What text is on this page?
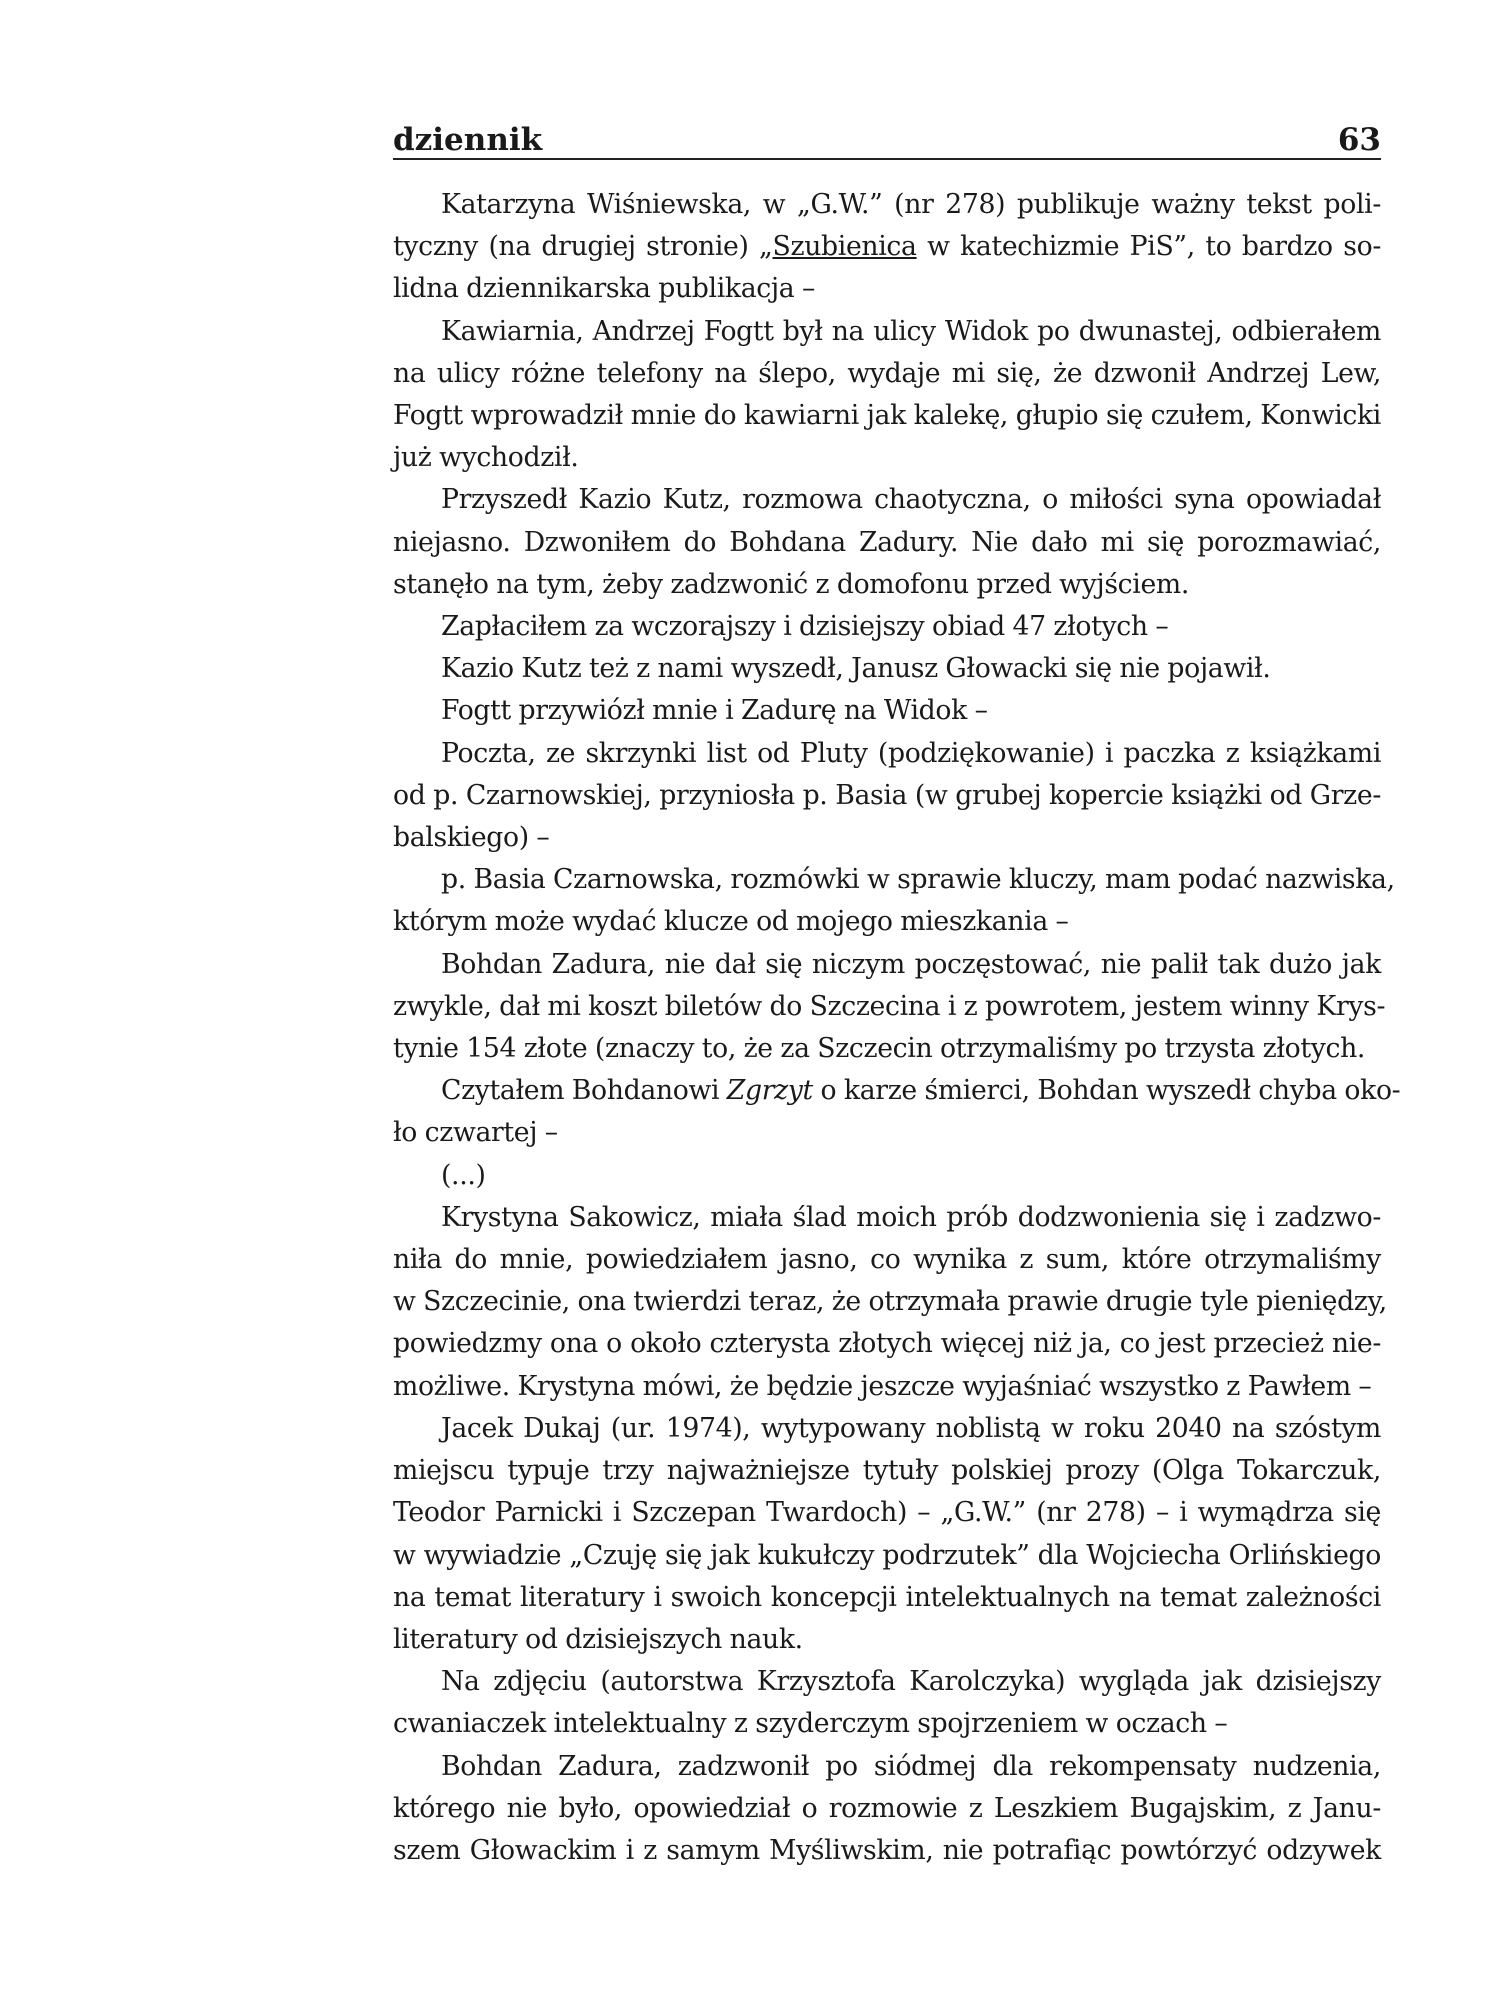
dziennik	63
Katarzyna Wiśniewska, w „G.W.” (nr 278) publikuje ważny tekst poli-
tyczny (na drugiej stronie) „Szubienica w katechizmie PiS”, to bardzo so-
lidna dziennikarska publikacja –
Kawiarnia, Andrzej Fogtt był na ulicy Widok po dwunastej, odbierałem
na ulicy różne telefony na ślepo, wydaje mi się, że dzwonił Andrzej Lew,
Fogtt wprowadził mnie do kawiarni jak kalekę, głupio się czułem, Konwicki
już wychodził.
Przyszedł Kazio Kutz, rozmowa chaotyczna, o miłości syna opowiadał
niejasno. Dzwoniłem do Bohdana Zadury. Nie dało mi się porozmawiać,
stanęło na tym, żeby zadzwonić z domofonu przed wyjściem.
Zapłaciłem za wczorajszy i dzisiejszy obiad 47 złotych –
Kazio Kutz też z nami wyszedł, Janusz Głowacki się nie pojawił.
Fogtt przywiózł mnie i Zadurę na Widok –
Poczta, ze skrzynki list od Pluty (podziękowanie) i paczka z książkami
od p. Czarnowskiej, przyniosła p. Basia (w grubej kopercie książki od Grze-
balskiego) –
p. Basia Czarnowska, rozmówki w sprawie kluczy, mam podać nazwiska,
którym może wydać klucze od mojego mieszkania –
Bohdan Zadura, nie dał się niczym poczęstować, nie palił tak dużo jak
zwykle, dał mi koszt biletów do Szczecina i z powrotem, jestem winny Krys-
tynie 154 złote (znaczy to, że za Szczecin otrzymaliśmy po trzysta złotych.
Czytałem Bohdanowi Zgrzyt o karze śmierci, Bohdan wyszedł chyba oko-
ło czwartej –
(...)
Krystyna Sakowicz, miała ślad moich prób dodzwonienia się i zadzwo-
niła do mnie, powiedziałem jasno, co wynika z sum, które otrzymaliśmy
w Szczecinie, ona twierdzi teraz, że otrzymała prawie drugie tyle pieniędzy,
powiedzmy ona o około czterysta złotych więcej niż ja, co jest przecież nie-
możliwe. Krystyna mówi, że będzie jeszcze wyjaśniać wszystko z Pawłem –
Jacek Dukaj (ur. 1974), wytypowany noblistą w roku 2040 na szóstym
miejscu typuje trzy najważniejsze tytuły polskiej prozy (Olga Tokarczuk,
Teodor Parnicki i Szczepan Twardoch) – „G.W.” (nr 278) – i wymądrza się
w wywiadzie „Czuję się jak kukułczy podrzutek” dla Wojciecha Orlińskiego
na temat literatury i swoich koncepcji intelektualnych na temat zależności
literatury od dzisiejszych nauk.
Na zdjęciu (autorstwa Krzysztofa Karolczyka) wygląda jak dzisiejszy
cwaniaczek intelektualny z szyderczym spojrzeniem w oczach –
Bohdan Zadura, zadzwonił po siódmej dla rekompensaty nudzenia,
którego nie było, opowiedział o rozmowie z Leszkiem Bugajskim, z Janu-
szem Głowackim i z samym Myśliwskim, nie potrafiąc powtórzyć odzywek
